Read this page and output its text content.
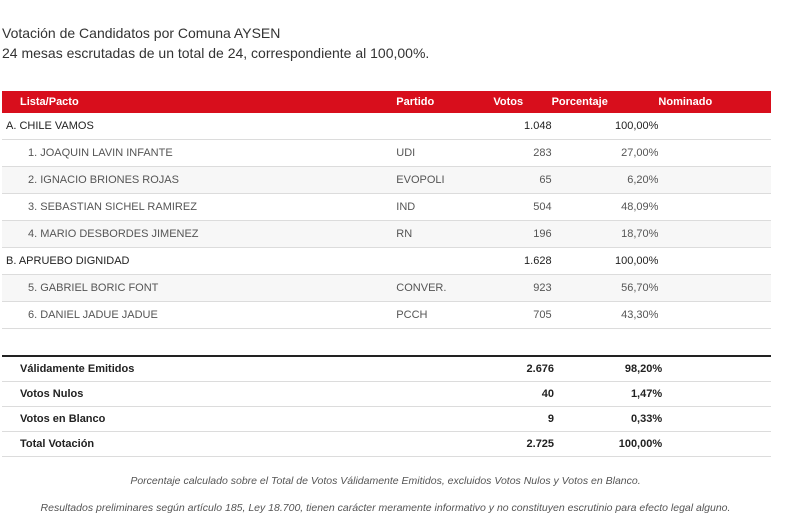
Votación de Candidatos por Comuna AYSEN
24 mesas escrutadas de un total de 24, correspondiente al 100,00%.
Lista/Pacto	Partido	Votos	Porcentaje	Nominado
A. CHILE VAMOS		1.048	100,00%	
1. JOAQUIN LAVIN INFANTE	UDI	283	27,00%	
2. IGNACIO BRIONES ROJAS	EVOPOLI	65	6,20%	
3. SEBASTIAN SICHEL RAMIREZ	IND	504	48,09%	
4. MARIO DESBORDES JIMENEZ	RN	196	18,70%	
B. APRUEBO DIGNIDAD		1.628	100,00%	
5. GABRIEL BORIC FONT	CONVER.	923	56,70%	
6. DANIEL JADUE JADUE	PCCH	705	43,30%	
Válidamente Emitidos		2.676	98,20%	
Votos Nulos		40	1,47%	
Votos en Blanco		9	0,33%	
Total Votación		2.725	100,00%	
Porcentaje calculado sobre el Total de Votos Válidamente Emitidos, excluidos Votos Nulos y Votos en Blanco.
Resultados preliminares según artículo 185, Ley 18.700, tienen carácter meramente informativo y no constituyen escrutinio para efecto legal alguno.
